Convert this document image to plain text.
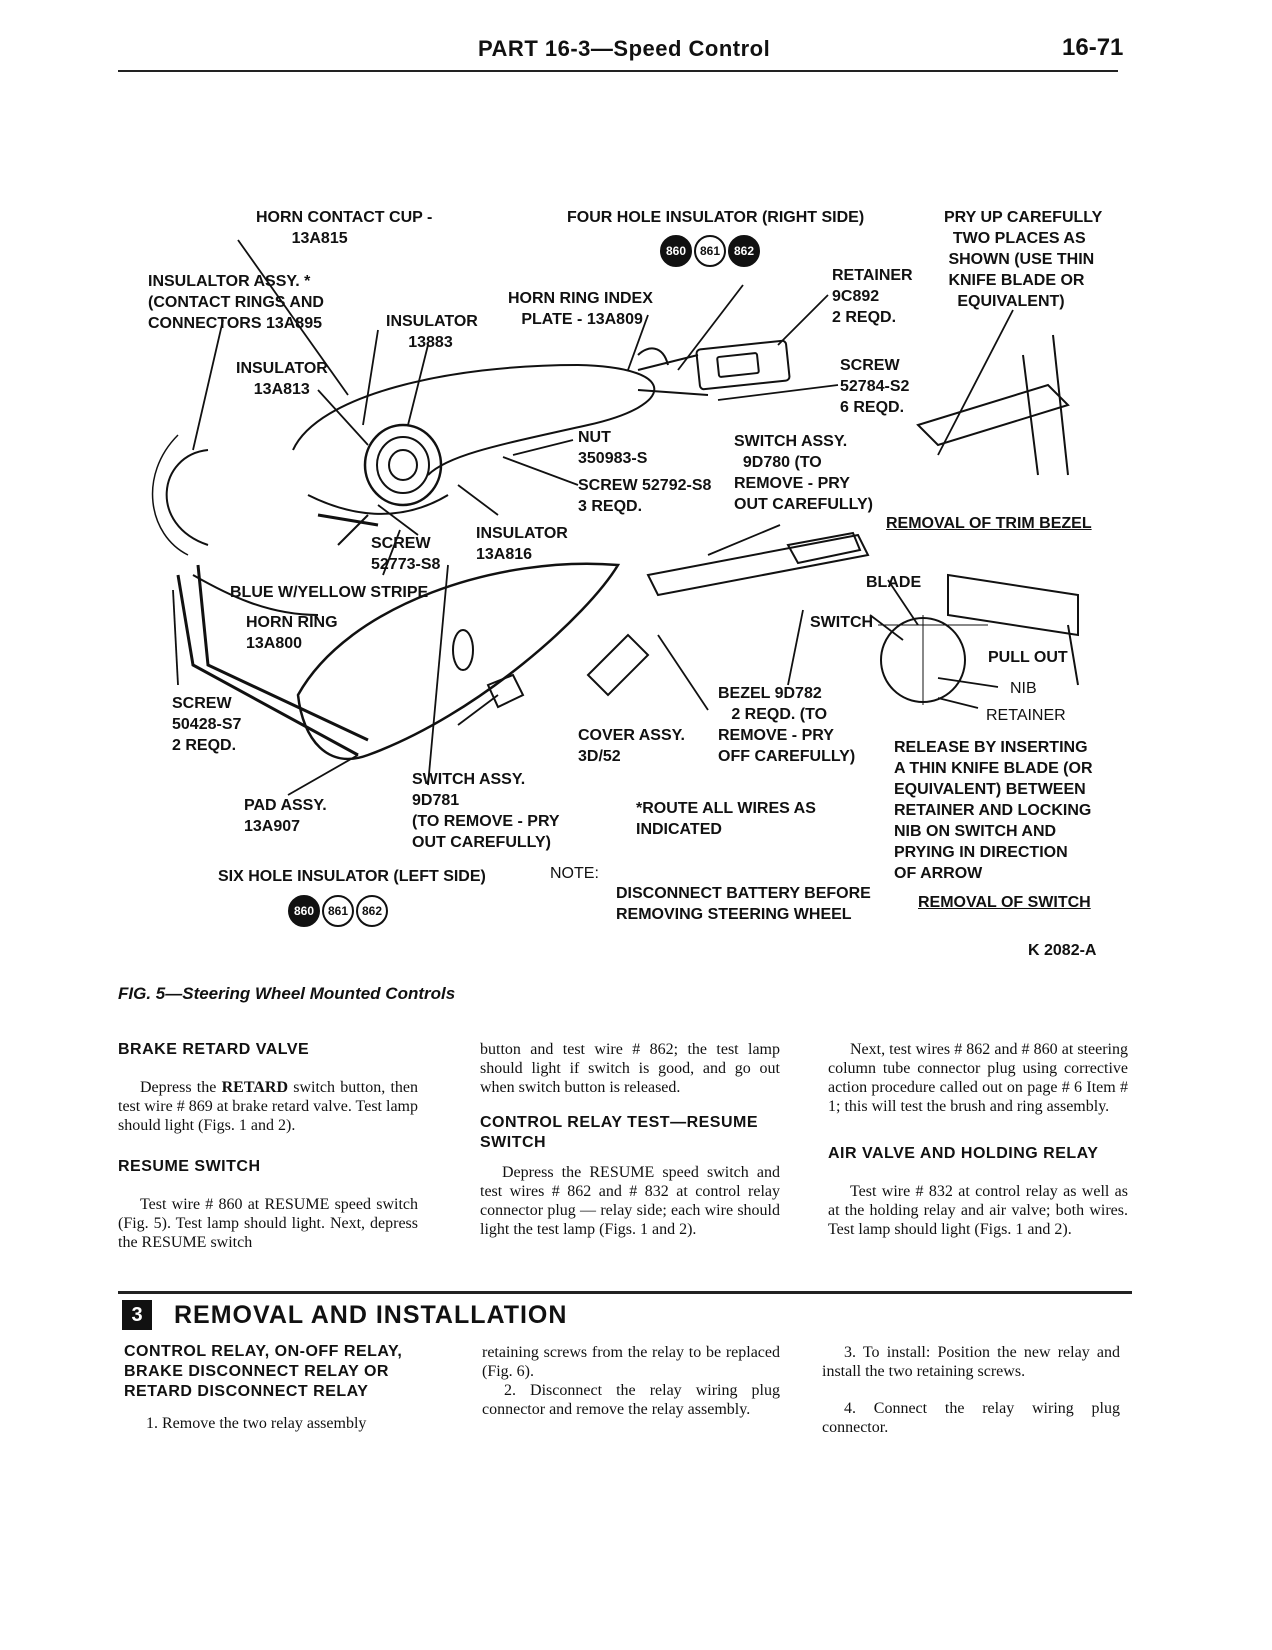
PART 16-3—Speed Control	16-71
HORN CONTACT CUP -
13A815
FOUR HOLE INSULATOR (RIGHT SIDE)
860	861	862
PRY UP CAREFULLY
TWO PLACES AS
SHOWN (USE THIN
KNIFE BLADE OR
EQUIVALENT)
INSULALTOR ASSY. *
(CONTACT RINGS AND
CONNECTORS 13A895
HORN RING INDEX
PLATE - 13A809
RETAINER
9C892
2 REQD.
INSULATOR
13883
INSULATOR
13A813
SCREW
52784-S2
6 REQD.
NUT
350983-S
SCREW 52792-S8
3 REQD.
SWITCH ASSY.
9D780 (TO
REMOVE - PRY
OUT CAREFULLY)
REMOVAL OF TRIM BEZEL
SCREW
52773-S8
INSULATOR
13A816
BLADE
BLUE W/YELLOW STRIPE
HORN RING
13A800
SWITCH
PULL OUT
NIB
RETAINER
SCREW
50428-S7
2 REQD.
BEZEL 9D782
2 REQD. (TO
REMOVE - PRY
OFF CAREFULLY)
COVER ASSY.
3D/52
RELEASE BY INSERTING
A THIN KNIFE BLADE (OR
EQUIVALENT) BETWEEN
RETAINER AND LOCKING
NIB ON SWITCH AND
PRYING IN DIRECTION
OF ARROW
SWITCH ASSY.
9D781
(TO REMOVE - PRY
OUT CAREFULLY)
PAD ASSY.
13A907
*ROUTE ALL WIRES AS
INDICATED
SIX HOLE INSULATOR (LEFT SIDE)	NOTE:
860	861	862
DISCONNECT BATTERY BEFORE
REMOVING STEERING WHEEL
REMOVAL OF SWITCH
K 2082-A
FIG. 5—Steering Wheel Mounted Controls
BRAKE RETARD VALVE

Depress the RETARD switch button, then test wire # 869 at brake retard valve. Test lamp should light (Figs. 1 and 2).

RESUME SWITCH

Test wire # 860 at RESUME speed switch (Fig. 5). Test lamp should light. Next, depress the RESUME switch

button and test wire # 862; the test lamp should light if switch is good, and go out when switch button is released.

CONTROL RELAY TEST—RESUME SWITCH

Depress the RESUME speed switch and test wires # 862 and # 832 at control relay connector plug — relay side; each wire should light the test lamp (Figs. 1 and 2).

Next, test wires # 862 and # 860 at steering column tube connector plug using corrective action procedure called out on page # 6 Item # 1; this will test the brush and ring assembly.

AIR VALVE AND HOLDING RELAY

Test wire # 832 at control relay as well as at the holding relay and air valve; both wires. Test lamp should light (Figs. 1 and 2).

3	REMOVAL AND INSTALLATION
CONTROL RELAY, ON-OFF RELAY, BRAKE DISCONNECT RELAY OR RETARD DISCONNECT RELAY

1. Remove the two relay assembly

retaining screws from the relay to be replaced (Fig. 6).

2. Disconnect the relay wiring plug connector and remove the relay assembly.

3. To install: Position the new relay and install the two retaining screws.

4. Connect the relay wiring plug connector.
